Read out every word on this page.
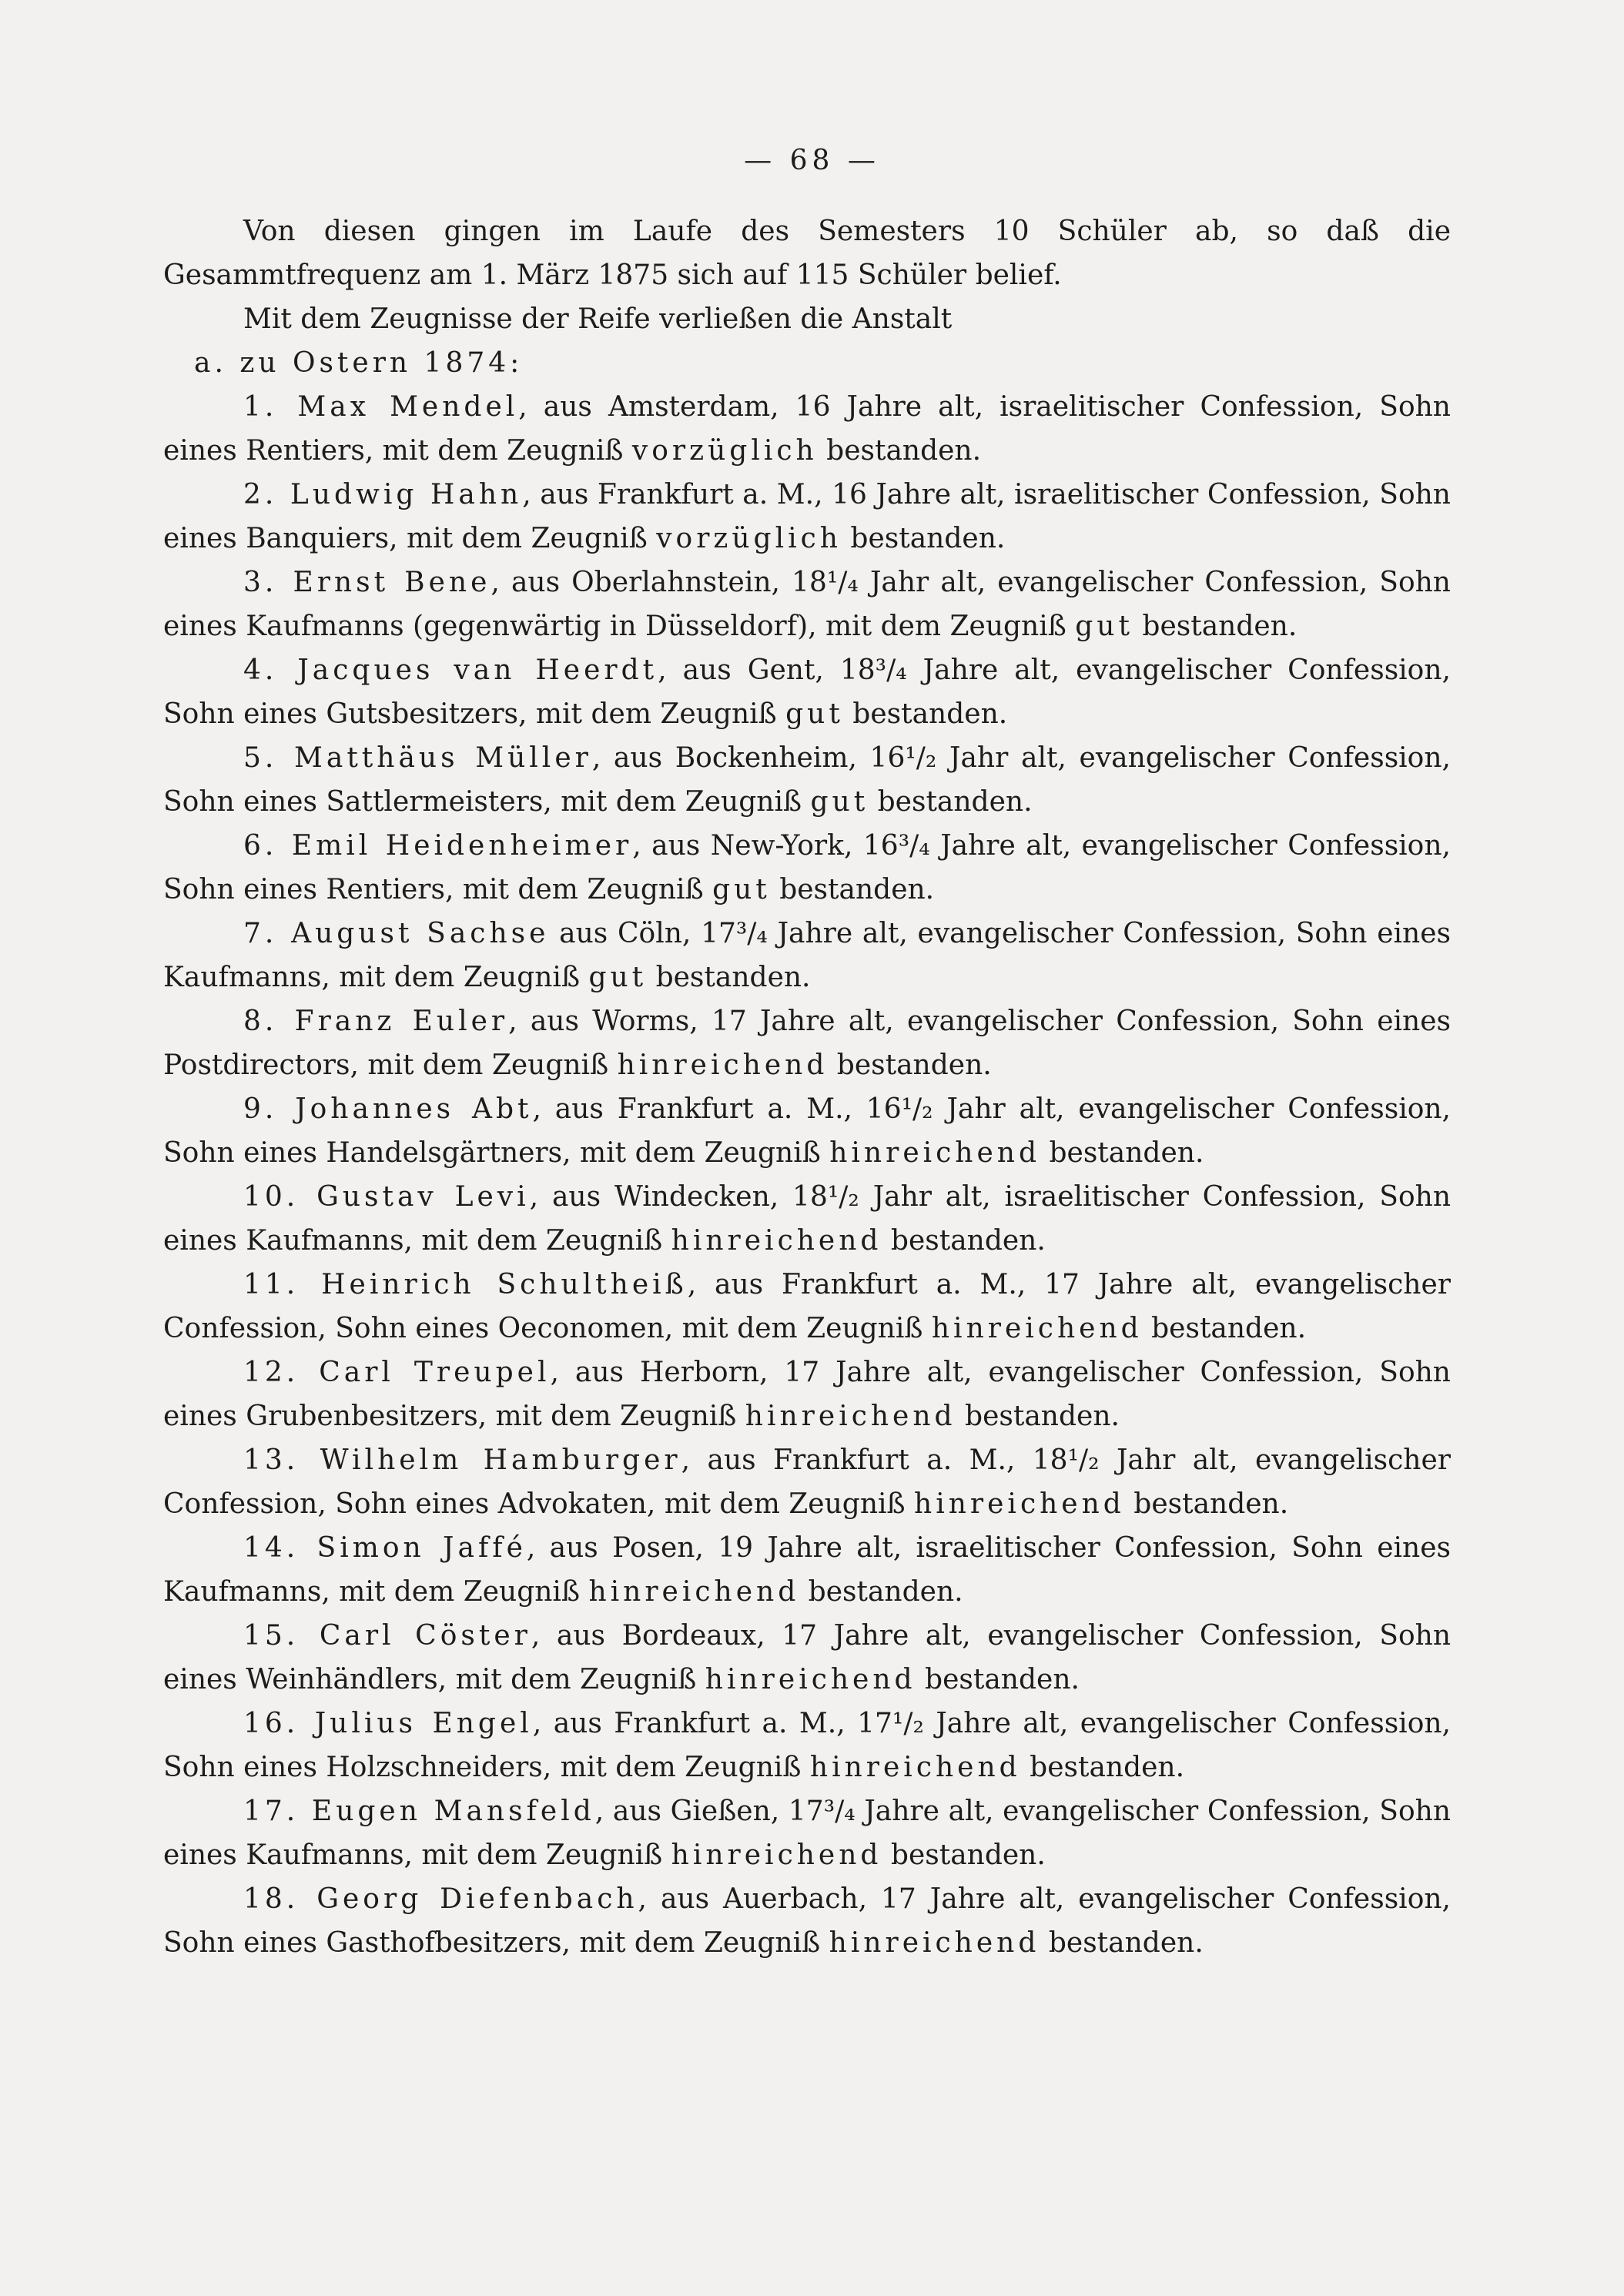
— 68 —

Von diesen gingen im Laufe des Semesters 10 Schüler ab, so daß die Gesammtfrequenz am 1. März 1875 sich auf 115 Schüler belief.

Mit dem Zeugnisse der Reife verließen die Anstalt

a. zu Ostern 1874:

1. Max Mendel, aus Amsterdam, 16 Jahre alt, israelitischer Confession, Sohn eines Rentiers, mit dem Zeugniß vorzüglich bestanden.

2. Ludwig Hahn, aus Frankfurt a. M., 16 Jahre alt, israelitischer Confession, Sohn eines Banquiers, mit dem Zeugniß vorzüglich bestanden.

3. Ernst Bene, aus Oberlahnstein, 18¹/₄ Jahr alt, evangelischer Confession, Sohn eines Kaufmanns (gegenwärtig in Düsseldorf), mit dem Zeugniß gut bestanden.

4. Jacques van Heerdt, aus Gent, 18³/₄ Jahre alt, evangelischer Confession, Sohn eines Gutsbesitzers, mit dem Zeugniß gut bestanden.

5. Matthäus Müller, aus Bockenheim, 16¹/₂ Jahr alt, evangelischer Confession, Sohn eines Sattlermeisters, mit dem Zeugniß gut bestanden.

6. Emil Heidenheimer, aus New-York, 16³/₄ Jahre alt, evangelischer Confession, Sohn eines Rentiers, mit dem Zeugniß gut bestanden.

7. August Sachse aus Cöln, 17³/₄ Jahre alt, evangelischer Confession, Sohn eines Kaufmanns, mit dem Zeugniß gut bestanden.

8. Franz Euler, aus Worms, 17 Jahre alt, evangelischer Confession, Sohn eines Postdirectors, mit dem Zeugniß hinreichend bestanden.

9. Johannes Abt, aus Frankfurt a. M., 16¹/₂ Jahr alt, evangelischer Confession, Sohn eines Handelsgärtners, mit dem Zeugniß hinreichend bestanden.

10. Gustav Levi, aus Windecken, 18¹/₂ Jahr alt, israelitischer Confession, Sohn eines Kaufmanns, mit dem Zeugniß hinreichend bestanden.

11. Heinrich Schultheiß, aus Frankfurt a. M., 17 Jahre alt, evangelischer Confession, Sohn eines Oeconomen, mit dem Zeugniß hinreichend bestanden.

12. Carl Treupel, aus Herborn, 17 Jahre alt, evangelischer Confession, Sohn eines Grubenbesitzers, mit dem Zeugniß hinreichend bestanden.

13. Wilhelm Hamburger, aus Frankfurt a. M., 18¹/₂ Jahr alt, evangelischer Confession, Sohn eines Advokaten, mit dem Zeugniß hinreichend bestanden.

14. Simon Jaffé, aus Posen, 19 Jahre alt, israelitischer Confession, Sohn eines Kaufmanns, mit dem Zeugniß hinreichend bestanden.

15. Carl Cöster, aus Bordeaux, 17 Jahre alt, evangelischer Confession, Sohn eines Weinhändlers, mit dem Zeugniß hinreichend bestanden.

16. Julius Engel, aus Frankfurt a. M., 17¹/₂ Jahre alt, evangelischer Confession, Sohn eines Holzschneiders, mit dem Zeugniß hinreichend bestanden.

17. Eugen Mansfeld, aus Gießen, 17³/₄ Jahre alt, evangelischer Confession, Sohn eines Kaufmanns, mit dem Zeugniß hinreichend bestanden.

18. Georg Diefenbach, aus Auerbach, 17 Jahre alt, evangelischer Confession, Sohn eines Gasthofbesitzers, mit dem Zeugniß hinreichend bestanden.
